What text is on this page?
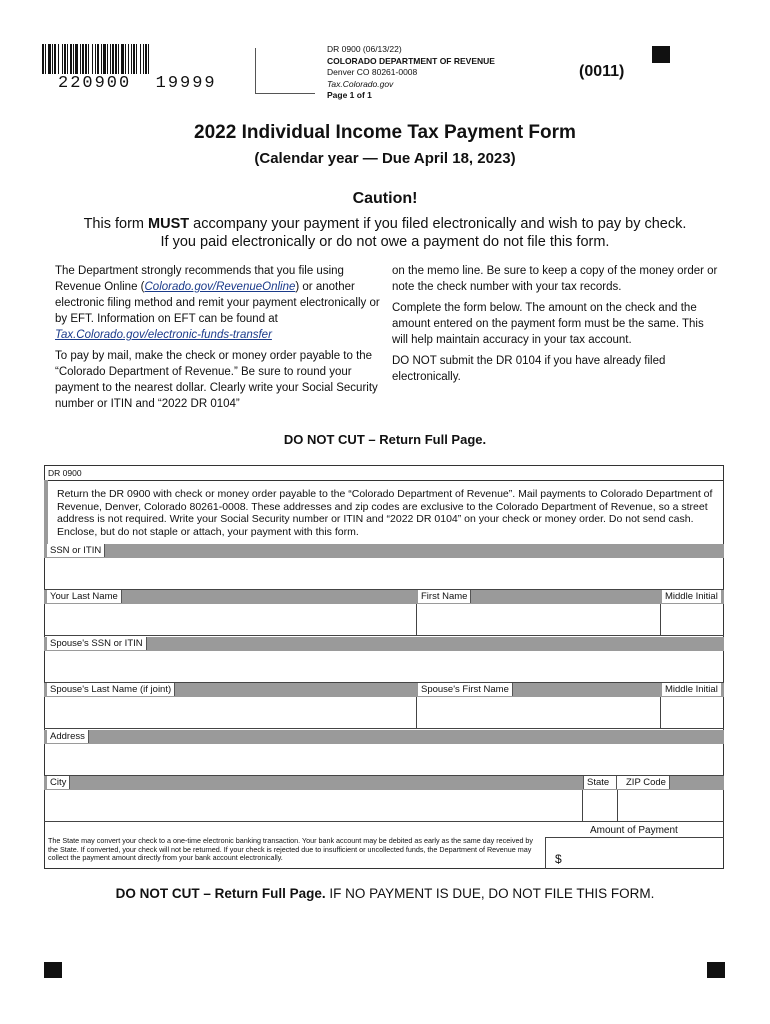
220900  19999
DR 0900 (06/13/22)
COLORADO DEPARTMENT OF REVENUE
Denver CO 80261-0008
Tax.Colorado.gov
Page 1 of 1
(0011)
2022 Individual Income Tax Payment Form
(Calendar year — Due April 18, 2023)
Caution!
This form MUST accompany your payment if you filed electronically and wish to pay by check.
If you paid electronically or do not owe a payment do not file this form.

The Department strongly recommends that you file using Revenue Online (Colorado.gov/RevenueOnline) or another electronic filing method and remit your payment electronically or by EFT. Information on EFT can be found at Tax.Colorado.gov/electronic-funds-transfer

To pay by mail, make the check or money order payable to the “Colorado Department of Revenue.” Be sure to round your payment to the nearest dollar. Clearly write your Social Security number or ITIN and “2022 DR 0104”

on the memo line. Be sure to keep a copy of the money order or note the check number with your tax records.

Complete the form below. The amount on the check and the amount entered on the payment form must be the same. This will help maintain accuracy in your tax account.

DO NOT submit the DR 0104 if you have already filed electronically.

DO NOT CUT – Return Full Page.
DR 0900
Return the DR 0900 with check or money order payable to the “Colorado Department of Revenue”. Mail payments to Colorado Department of Revenue, Denver, Colorado 80261-0008. These addresses and zip codes are exclusive to the Colorado Department of Revenue, so a street address is not required. Write your Social Security number or ITIN and “2022 DR 0104” on your check or money order. Do not send cash. Enclose, but do not staple or attach, your payment with this form.
SSN or ITIN
Your Last Name	First Name	Middle Initial
Spouse's SSN or ITIN
Spouse's Last Name (if joint)	Spouse's First Name	Middle Initial
Address
City	State	ZIP Code
The State may convert your check to a one-time electronic banking transaction. Your bank account may be debited as early as the same day received by the State. If converted, your check will not be returned. If your check is rejected due to insufficient or uncollected funds, the Department of Revenue may collect the payment amount directly from your bank account electronically.
Amount of Payment
$
DO NOT CUT – Return Full Page. IF NO PAYMENT IS DUE, DO NOT FILE THIS FORM.
